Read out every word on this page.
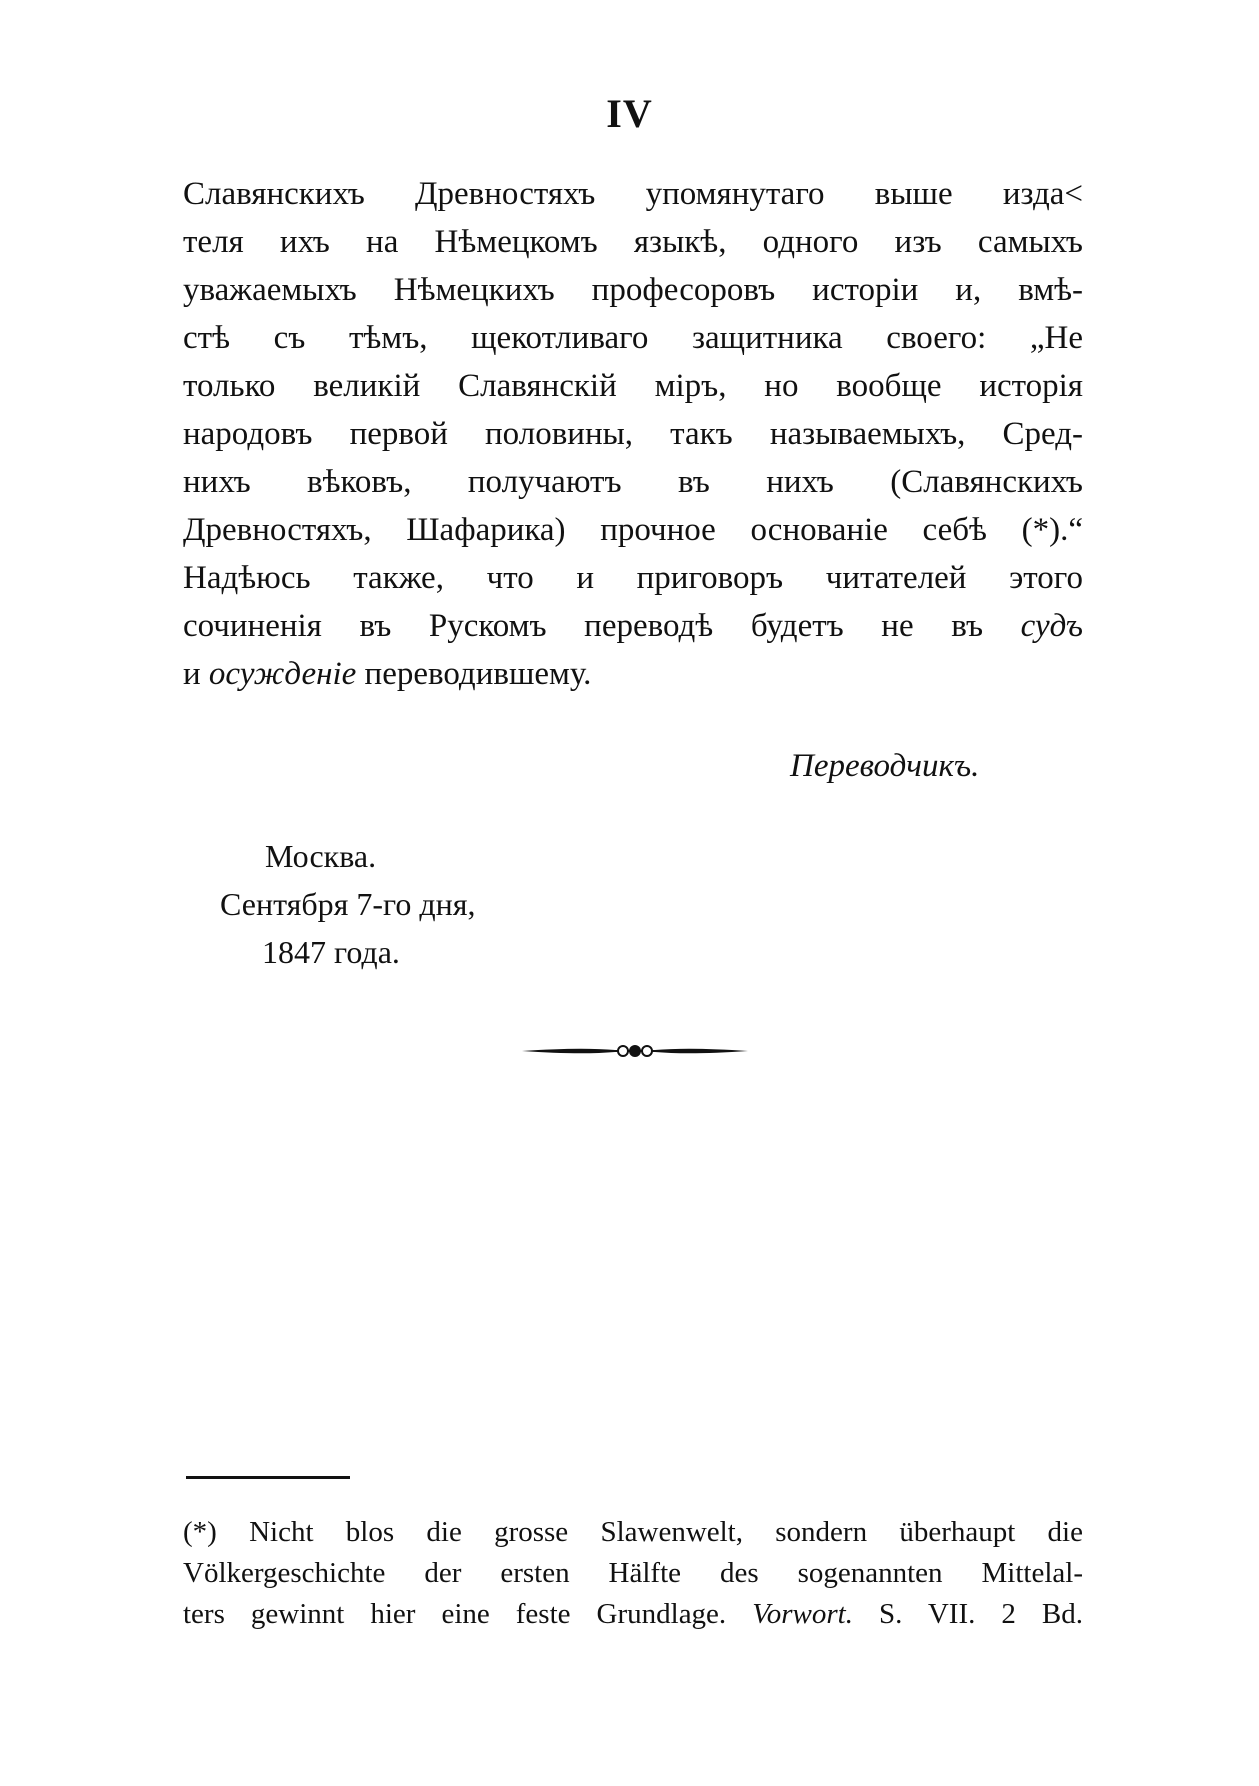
IV
Славянскихъ Древностяхъ упомянутаго выше изда<
теля ихъ на Нѣмецкомъ языкѣ, одного изъ самыхъ
уважаемыхъ Нѣмецкихъ професоровъ исторіи и, вмѣ-
стѣ съ тѣмъ, щекотливаго защитника своего: „Не
только великій Славянскій міръ, но вообще исторія
народовъ первой половины, такъ называемыхъ, Сред-
нихъ вѣковъ, получаютъ въ нихъ (Славянскихъ
Древностяхъ, Шафарика) прочное основаніе себѣ (*).“
Надѣюсь также, что и приговоръ читателей этого
сочиненія въ Рускомъ переводѣ будетъ не въ судъ
и осужденіе переводившему.
Переводчикъ.
Москва.
Сентября 7-го дня,
1847 года.
(*) Nicht blos die grosse Slawenwelt, sondern überhaupt die
Völkergeschichte der ersten Hälfte des sogenannten Mittelal-
ters gewinnt hier eine feste Grundlage. Vorwort. S. VII. 2 Bd.
